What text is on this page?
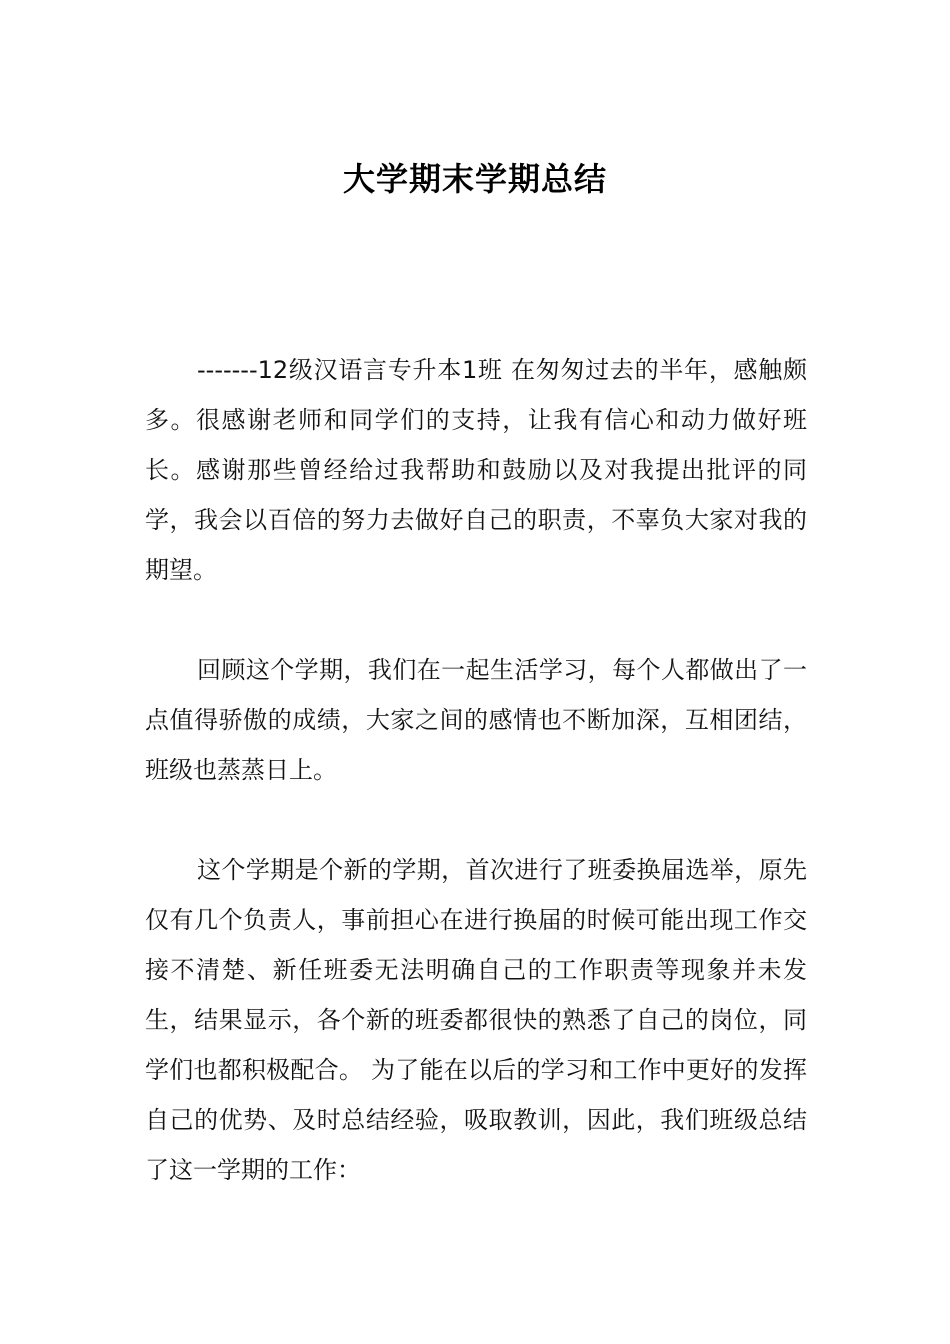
大学期末学期总结

-------12级汉语言专升本1班 在匆匆过去的半年，感触颇多。很感谢老师和同学们的支持，让我有信心和动力做好班长。感谢那些曾经给过我帮助和鼓励以及对我提出批评的同学，我会以百倍的努力去做好自己的职责，不辜负大家对我的期望。

回顾这个学期，我们在一起生活学习，每个人都做出了一点值得骄傲的成绩，大家之间的感情也不断加深，互相团结，班级也蒸蒸日上。

这个学期是个新的学期，首次进行了班委换届选举，原先仅有几个负责人，事前担心在进行换届的时候可能出现工作交接不清楚、新任班委无法明确自己的工作职责等现象并未发生，结果显示，各个新的班委都很快的熟悉了自己的岗位，同学们也都积极配合。 为了能在以后的学习和工作中更好的发挥自己的优势、及时总结经验，吸取教训，因此，我们班级总结了这一学期的工作：
